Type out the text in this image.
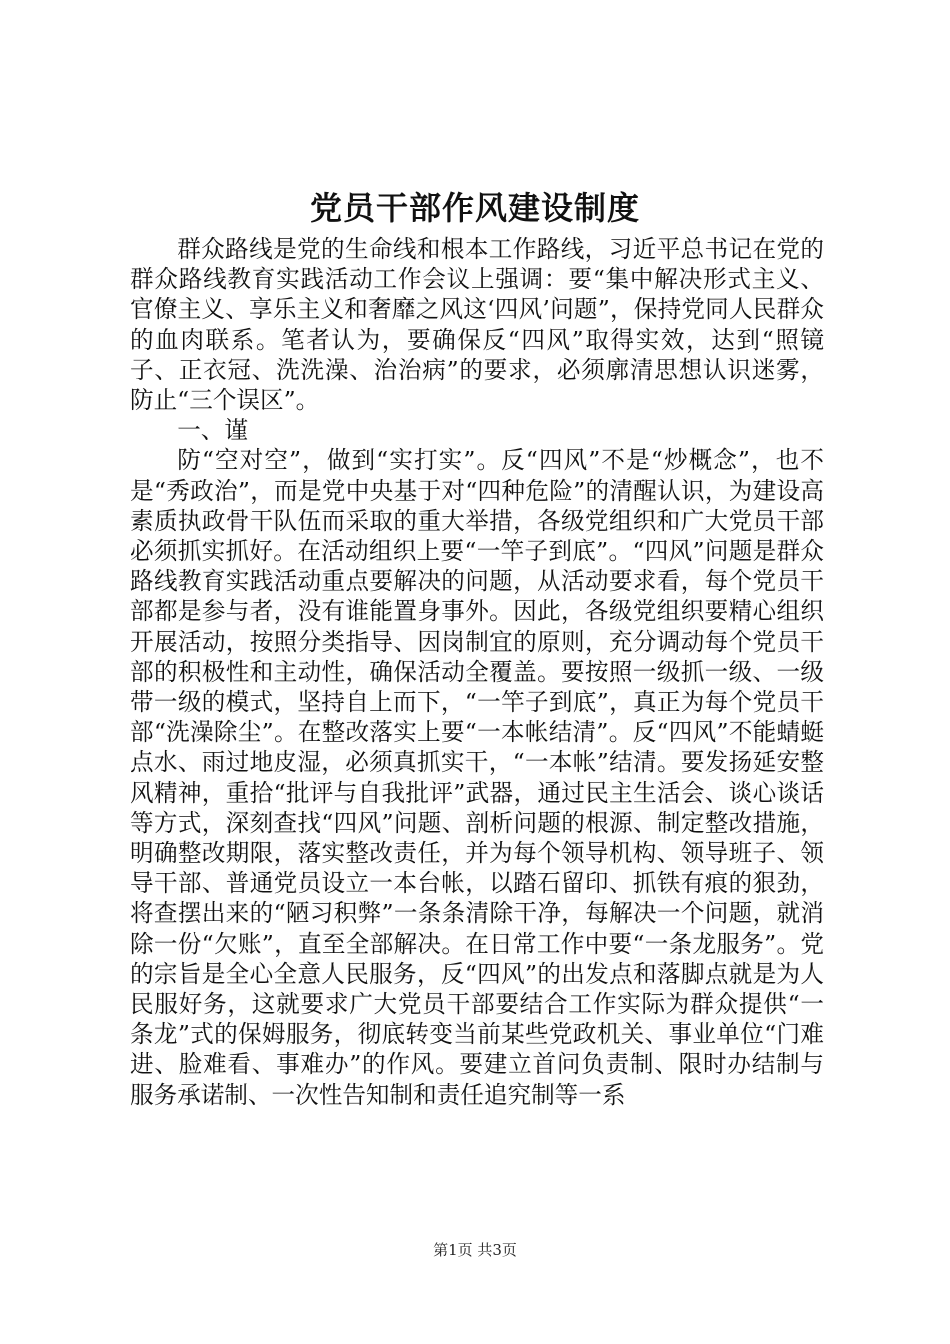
党员干部作风建设制度

群众路线是党的生命线和根本工作路线，习近平总书记在党的群众路线教育实践活动工作会议上强调：要“集中解决形式主义、官僚主义、享乐主义和奢靡之风这‘四风’问题”，保持党同人民群众的血肉联系。笔者认为，要确保反“四风”取得实效，达到“照镜子、正衣冠、洗洗澡、治治病”的要求，必须廓清思想认识迷雾，防止“三个误区”。

一、谨

防“空对空”，做到“实打实”。反“四风”不是“炒概念”，也不是“秀政治”，而是党中央基于对“四种危险”的清醒认识，为建设高素质执政骨干队伍而采取的重大举措，各级党组织和广大党员干部必须抓实抓好。在活动组织上要“一竿子到底”。“四风”问题是群众路线教育实践活动重点要解决的问题，从活动要求看，每个党员干部都是参与者，没有谁能置身事外。因此，各级党组织要精心组织开展活动，按照分类指导、因岗制宜的原则，充分调动每个党员干部的积极性和主动性，确保活动全覆盖。要按照一级抓一级、一级带一级的模式，坚持自上而下，“一竿子到底”，真正为每个党员干部“洗澡除尘”。在整改落实上要“一本帐结清”。反“四风”不能蜻蜓点水、雨过地皮湿，必须真抓实干，“一本帐”结清。要发扬延安整风精神，重拾“批评与自我批评”武器，通过民主生活会、谈心谈话等方式，深刻查找“四风”问题、剖析问题的根源、制定整改措施，明确整改期限，落实整改责任，并为每个领导机构、领导班子、领导干部、普通党员设立一本台帐，以踏石留印、抓铁有痕的狠劲，将查摆出来的“陋习积弊”一条条清除干净，每解决一个问题，就消除一份“欠账”，直至全部解决。在日常工作中要“一条龙服务”。党的宗旨是全心全意人民服务，反“四风”的出发点和落脚点就是为人民服好务，这就要求广大党员干部要结合工作实际为群众提供“一条龙”式的保姆服务，彻底转变当前某些党政机关、事业单位“门难进、脸难看、事难办”的作风。要建立首问负责制、限时办结制与服务承诺制、一次性告知制和责任追究制等一系

第1页 共3页
